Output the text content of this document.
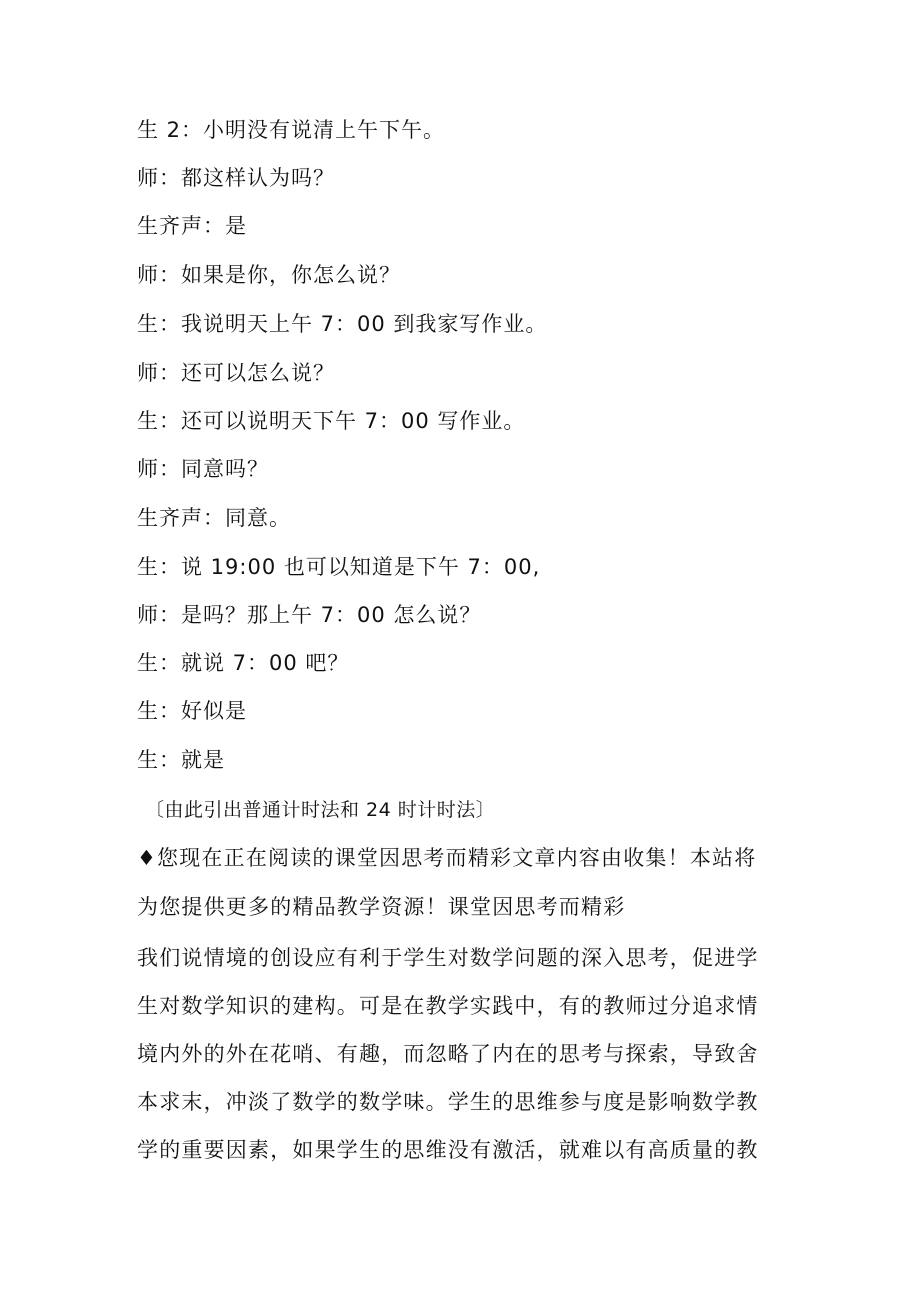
生 2：小明没有说清上午下午。
师：都这样认为吗？
生齐声：是
师：如果是你，你怎么说？
生：我说明天上午 7：00 到我家写作业。
师：还可以怎么说？
生：还可以说明天下午 7：00 写作业。
师：同意吗？
生齐声：同意。
生：说 19:00 也可以知道是下午 7：00,
师：是吗？那上午 7：00 怎么说？
生：就说 7：00 吧？
生：好似是
生：就是
〔由此引出普通计时法和 24 时计时法〕
♦您现在正在阅读的课堂因思考而精彩文章内容由收集！本站将
为您提供更多的精品教学资源！课堂因思考而精彩
我们说情境的创设应有利于学生对数学问题的深入思考，促进学
生对数学知识的建构。可是在教学实践中，有的教师过分追求情
境内外的外在花哨、有趣，而忽略了内在的思考与探索，导致舍
本求末，冲淡了数学的数学味。学生的思维参与度是影响数学教
学的重要因素，如果学生的思维没有激活，就难以有高质量的教
